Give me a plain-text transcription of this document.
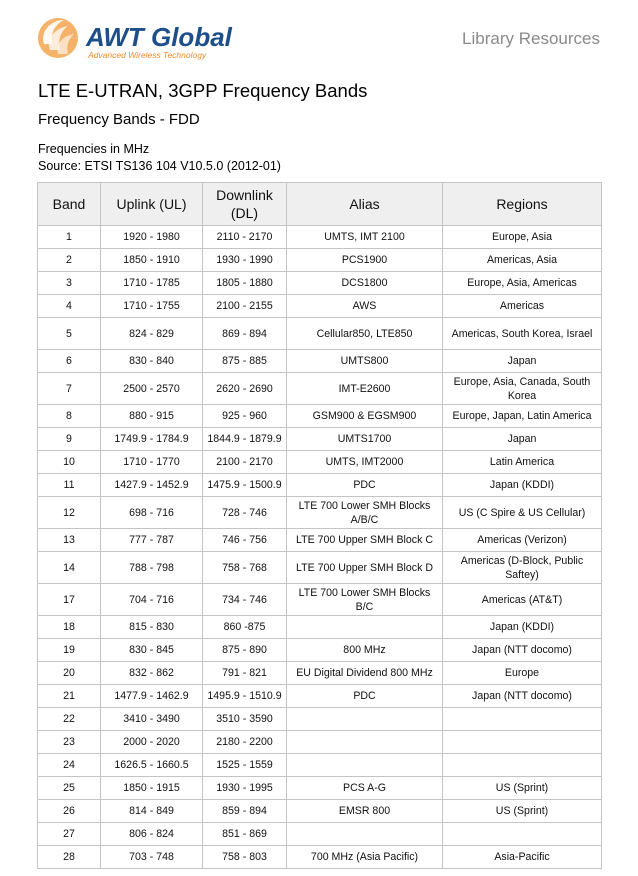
AWT Global
Advanced Wireless Technology
Library Resources
LTE E-UTRAN, 3GPP Frequency Bands
Frequency Bands - FDD
Frequencies in MHz
Source: ETSI TS136 104 V10.5.0 (2012-01)
Band	Uplink (UL)	Downlink (DL)	Alias	Regions
1	1920 - 1980	2110 - 2170	UMTS, IMT 2100	Europe, Asia
2	1850 - 1910	1930 - 1990	PCS1900	Americas, Asia
3	1710 - 1785	1805 - 1880	DCS1800	Europe, Asia, Americas
4	1710 - 1755	2100 - 2155	AWS	Americas
5	824 - 829	869 - 894	Cellular850, LTE850	Americas, South Korea, Israel
6	830 - 840	875 - 885	UMTS800	Japan
7	2500 - 2570	2620 - 2690	IMT-E2600	Europe, Asia, Canada, South Korea
8	880 - 915	925 - 960	GSM900 & EGSM900	Europe, Japan, Latin America
9	1749.9 - 1784.9	1844.9 - 1879.9	UMTS1700	Japan
10	1710 - 1770	2100 - 2170	UMTS, IMT2000	Latin America
11	1427.9 - 1452.9	1475.9 - 1500.9	PDC	Japan (KDDI)
12	698 - 716	728 - 746	LTE 700 Lower SMH Blocks A/B/C	US (C Spire & US Cellular)
13	777 - 787	746 - 756	LTE 700 Upper SMH Block C	Americas (Verizon)
14	788 - 798	758 - 768	LTE 700 Upper SMH Block D	Americas (D-Block, Public Saftey)
17	704 - 716	734 - 746	LTE 700 Lower SMH Blocks B/C	Americas (AT&T)
18	815 - 830	860 -875		Japan (KDDI)
19	830 - 845	875 - 890	800 MHz	Japan (NTT docomo)
20	832 - 862	791 - 821	EU Digital Dividend 800 MHz	Europe
21	1477.9 - 1462.9	1495.9 - 1510.9	PDC	Japan (NTT docomo)
22	3410 - 3490	3510 - 3590		
23	2000 - 2020	2180 - 2200		
24	1626.5 - 1660.5	1525 - 1559		
25	1850 - 1915	1930 - 1995	PCS A-G	US (Sprint)
26	814 - 849	859 - 894	EMSR 800	US (Sprint)
27	806 - 824	851 - 869		
28	703 - 748	758 - 803	700 MHz (Asia Pacific)	Asia-Pacific
